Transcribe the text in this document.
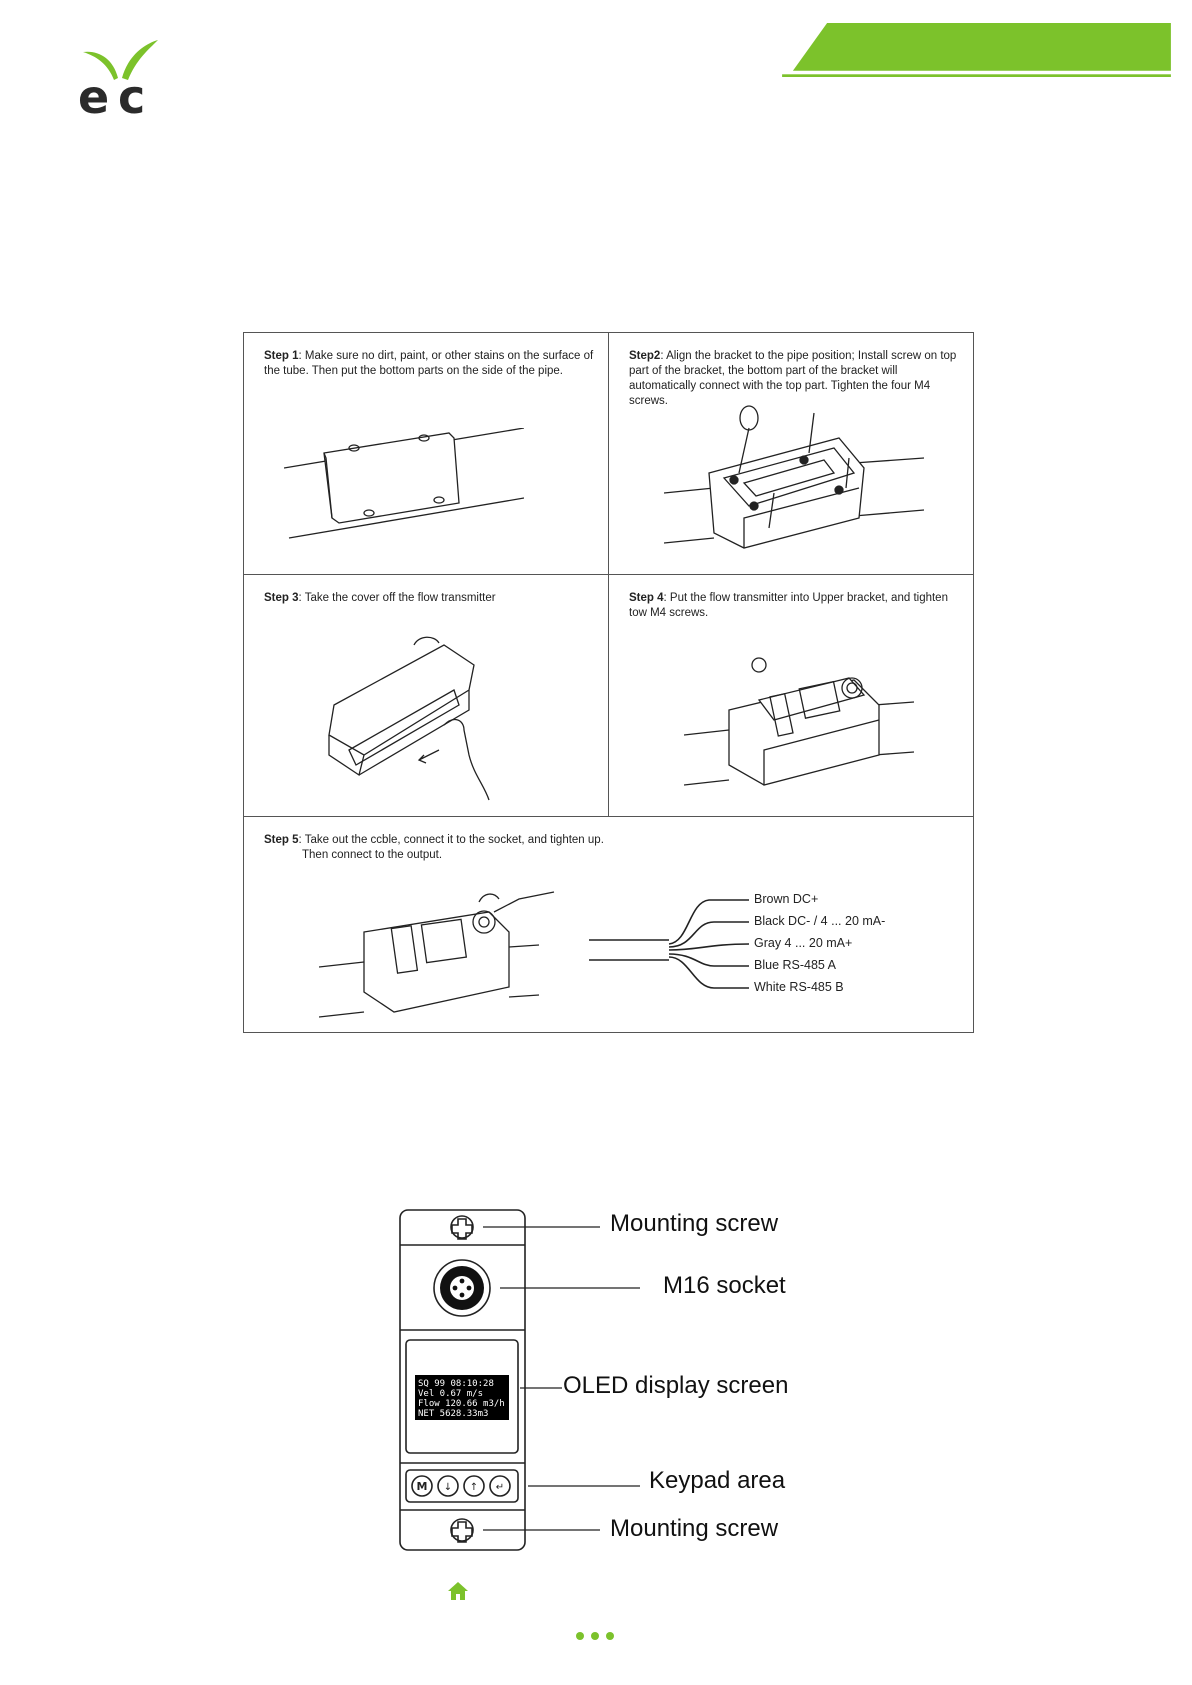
e c
Step 1: Make sure no dirt, paint, or other stains on the surface of the tube. Then put the bottom parts on the side of the pipe.
Step2: Align the bracket to the pipe position; Install screw on top part of the bracket, the bottom part of the bracket will automatically connect with the top part. Tighten the four M4 screws.
Step 3: Take the cover off the flow transmitter	Step 4: Put the flow transmitter into Upper bracket, and tighten tow M4 screws.
Step 5: Take out the ccble, connect it to the socket, and tighten up.
Then connect to the output.
Brown DC+
Black DC- / 4 ... 20 mA-
Gray 4 ... 20 mA+
Blue RS-485 A
White RS-485 B
SQ 99 08:10:28
Vel 0.67 m/s
Flow 120.66 m3/h
NET 5628.33m3
M ↓ ↑ ↵
Mounting screw
M16 socket
OLED display screen
Keypad area
Mounting screw
